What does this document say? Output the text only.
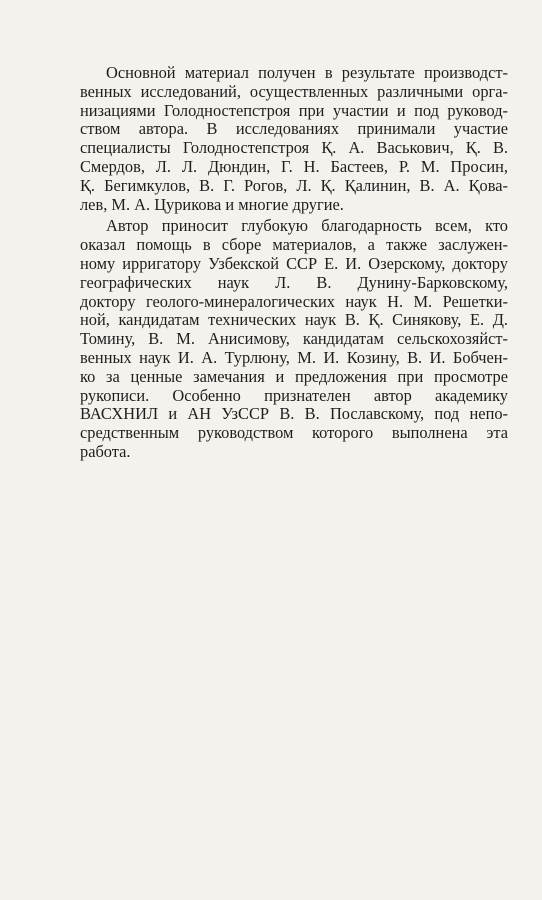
Основной материал получен в результате производст-
венных исследований, осуществленных различными орга-
низациями Голодностепстроя при участии и под руковод-
ством автора. В исследованиях принимали участие
специалисты Голодностепстроя Қ. А. Васькович, Қ. В.
Смердов, Л. Л. Дюндин, Г. Н. Бастеев, Р. М. Просин,
Қ. Бегимкулов, В. Г. Рогов, Л. Қ. Қалинин, В. А. Қова-
лев, М. А. Цурикова и многие другие.
Автор приносит глубокую благодарность всем, кто
оказал помощь в сборе материалов, а также заслужен-
ному ирригатору Узбекской ССР Е. И. Озерскому, доктору
географических наук Л. В. Дунину-Барковскому,
доктору геолого-минералогических наук Н. М. Решетки-
ной, кандидатам технических наук В. Қ. Синякову, Е. Д.
Томину, В. М. Анисимову, кандидатам сельскохозяйст-
венных наук И. А. Турлюну, М. И. Козину, В. И. Бобчен-
ко за ценные замечания и предложения при просмотре
рукописи. Особенно признателен автор академику
ВАСХНИЛ и АН УзССР В. В. Пославскому, под непо-
средственным руководством которого выполнена эта
работа.
